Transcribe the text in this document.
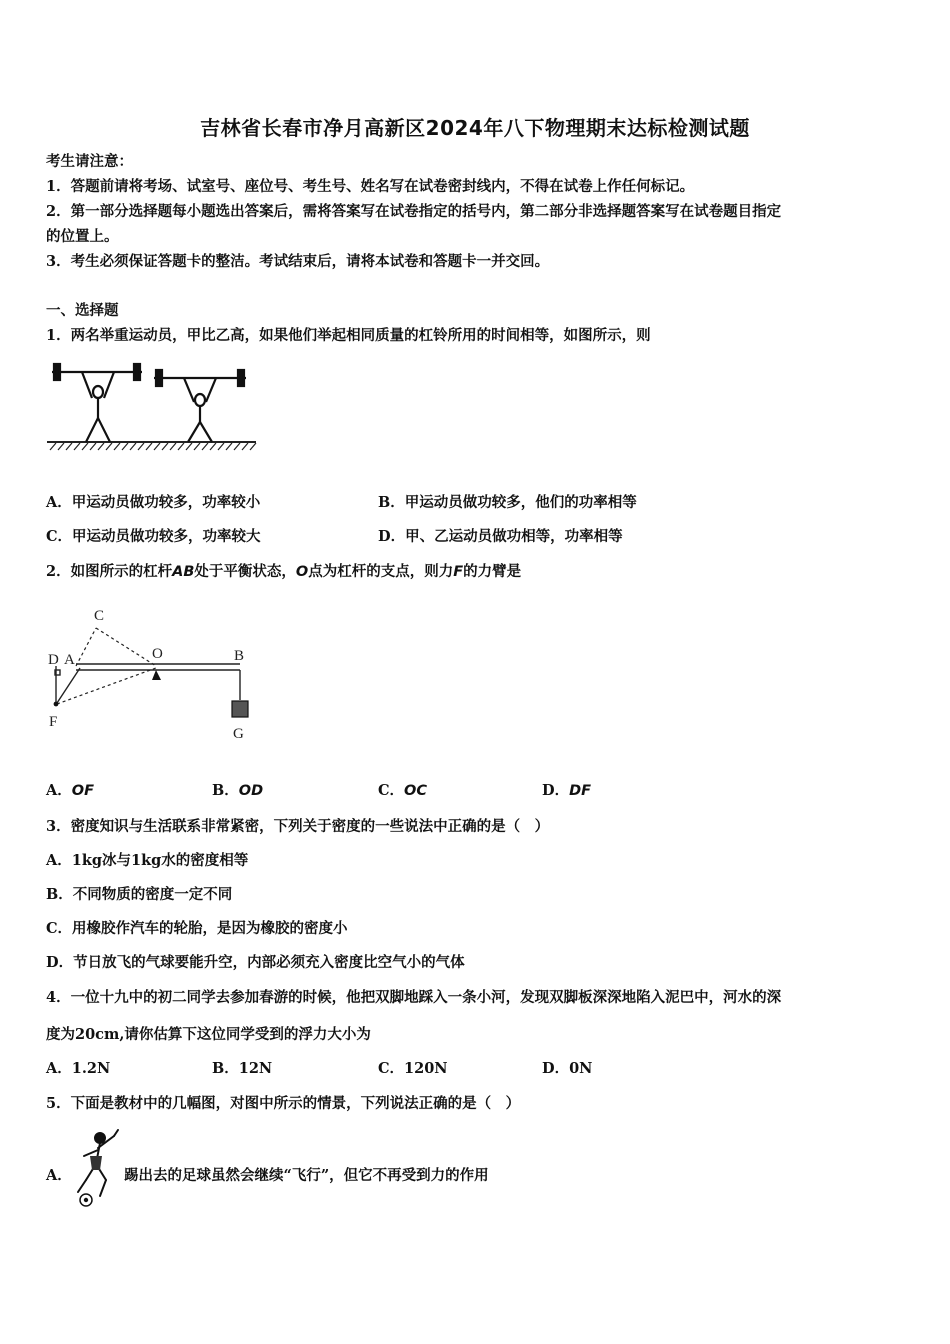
吉林省长春市净月高新区2024年八下物理期末达标检测试题
考生请注意：
1．答题前请将考场、试室号、座位号、考生号、姓名写在试卷密封线内，不得在试卷上作任何标记。
2．第一部分选择题每小题选出答案后，需将答案写在试卷指定的括号内，第二部分非选择题答案写在试卷题目指定
的位置上。
3．考生必须保证答题卡的整洁。考试结束后，请将本试卷和答题卡一并交回。
一、选择题
1．两名举重运动员，甲比乙高，如果他们举起相同质量的杠铃所用的时间相等，如图所示，则
A．甲运动员做功较多，功率较小	B．甲运动员做功较多，他们的功率相等
C．甲运动员做功较多，功率较大	D．甲、乙运动员做功相等，功率相等
2．如图所示的杠杆AB处于平衡状态，O点为杠杆的支点，则力F的力臂是
C
D A	O	B
F
G
A．OF	B．OD	C．OC	D．DF
3．密度知识与生活联系非常紧密，下列关于密度的一些说法中正确的是（　）
A．1kg冰与1kg水的密度相等
B．不同物质的密度一定不同
C．用橡胶作汽车的轮胎，是因为橡胶的密度小
D．节日放飞的气球要能升空，内部必须充入密度比空气小的气体
4．一位十九中的初二同学去参加春游的时候，他把双脚地踩入一条小河，发现双脚板深深地陷入泥巴中，河水的深
度为20cm,请你估算下这位同学受到的浮力大小为
A．1.2N	B．12N	C．120N	D．0N
5．下面是教材中的几幅图，对图中所示的情景，下列说法正确的是（　）
A．	踢出去的足球虽然会继续“飞行”，但它不再受到力的作用
